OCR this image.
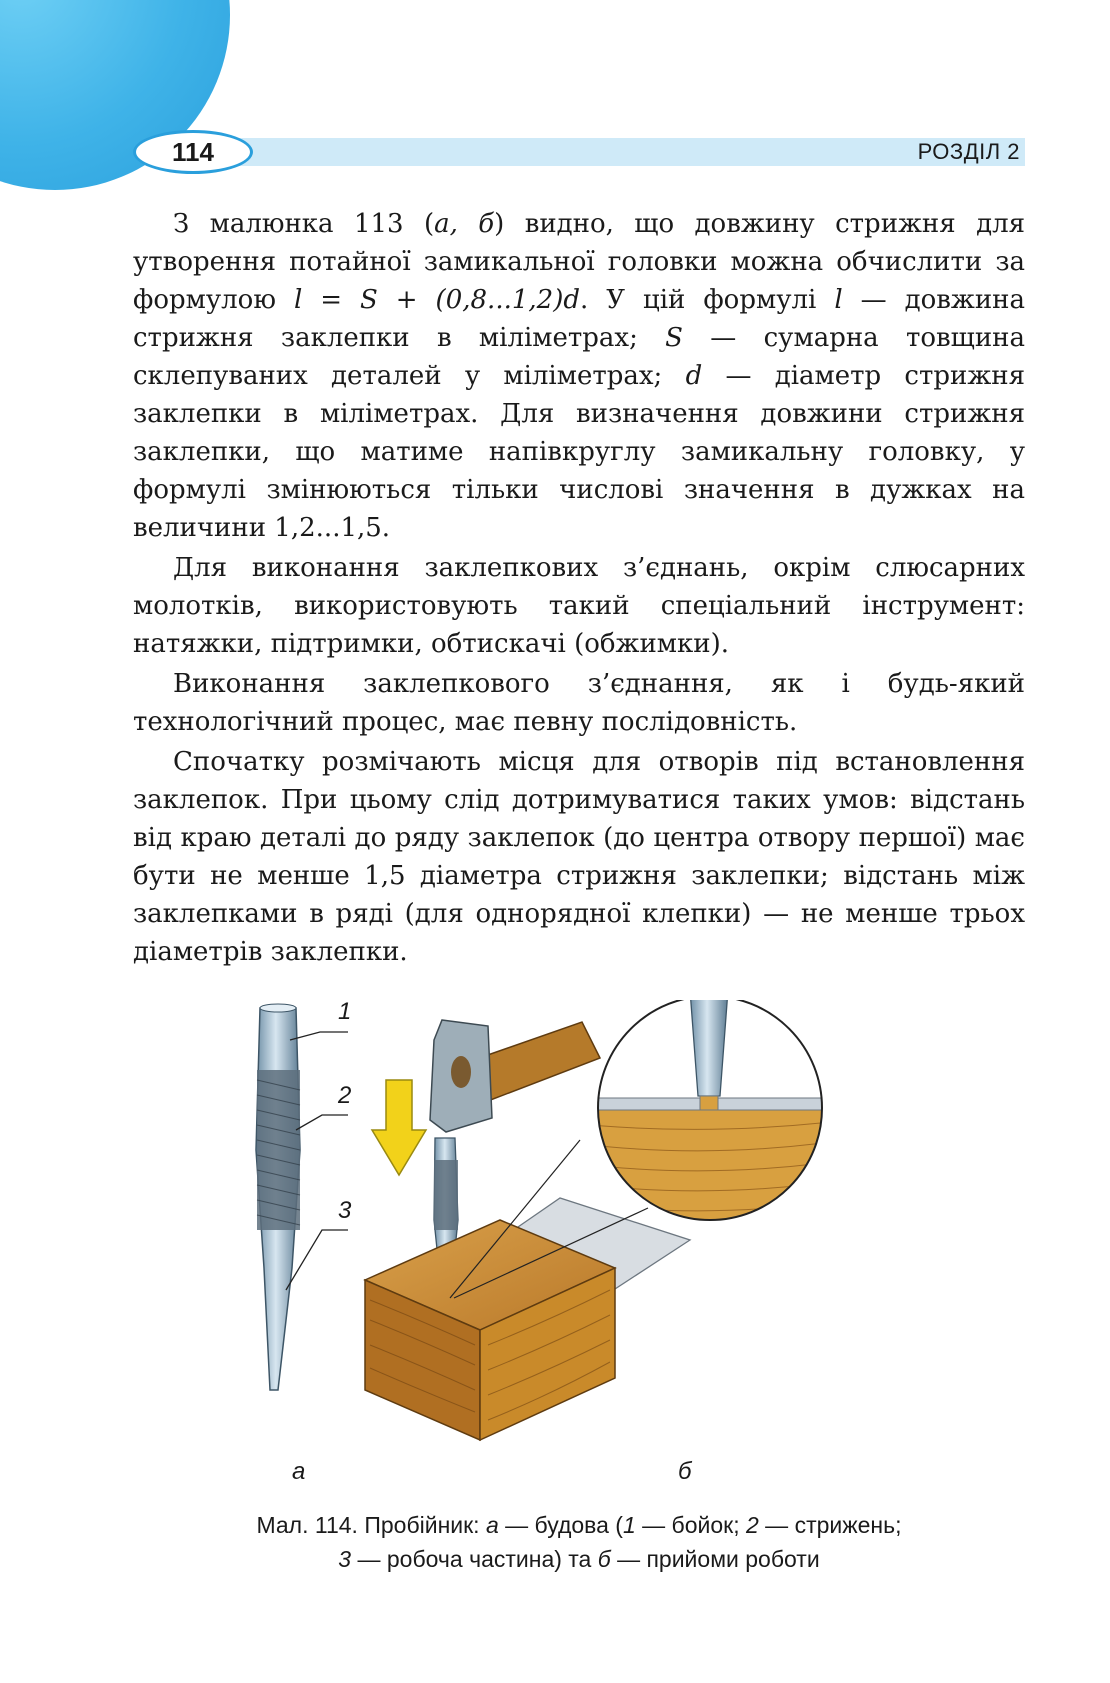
114	РОЗДІЛ 2

З малюнка 113 (а, б) видно, що довжину стрижня для утворення потайної замикальної головки можна обчислити за формулою l = S + (0,8...1,2)d. У цій формулі l — довжина стрижня заклепки в міліметрах; S — сумарна товщина склепуваних деталей у міліметрах; d — діаметр стрижня заклепки в міліметрах. Для визначення довжини стрижня заклепки, що матиме напівкруглу замикальну головку, у формулі змінюються тільки числові значення в дужках на величини 1,2...1,5.

Для виконання заклепкових з’єднань, окрім слюсарних молотків, використовують такий спеціальний інструмент: натяжки, підтримки, обтискачі (обжимки).

Виконання заклепкового з’єднання, як і будь-який технологічний процес, має певну послідовність.

Спочатку розмічають місця для отворів під встановлення заклепок. При цьому слід дотримуватися таких умов: відстань від краю деталі до ряду заклепок (до центра отвору першої) має бути не менше 1,5 діаметра стрижня заклепки; відстань між заклепками в ряді (для однорядної клепки) — не менше трьох діаметрів заклепки.

1
2
3
а	б
Мал. 114. Пробійник: а — будова (1 — бойок; 2 — стрижень;
3 — робоча частина) та б — прийоми роботи
